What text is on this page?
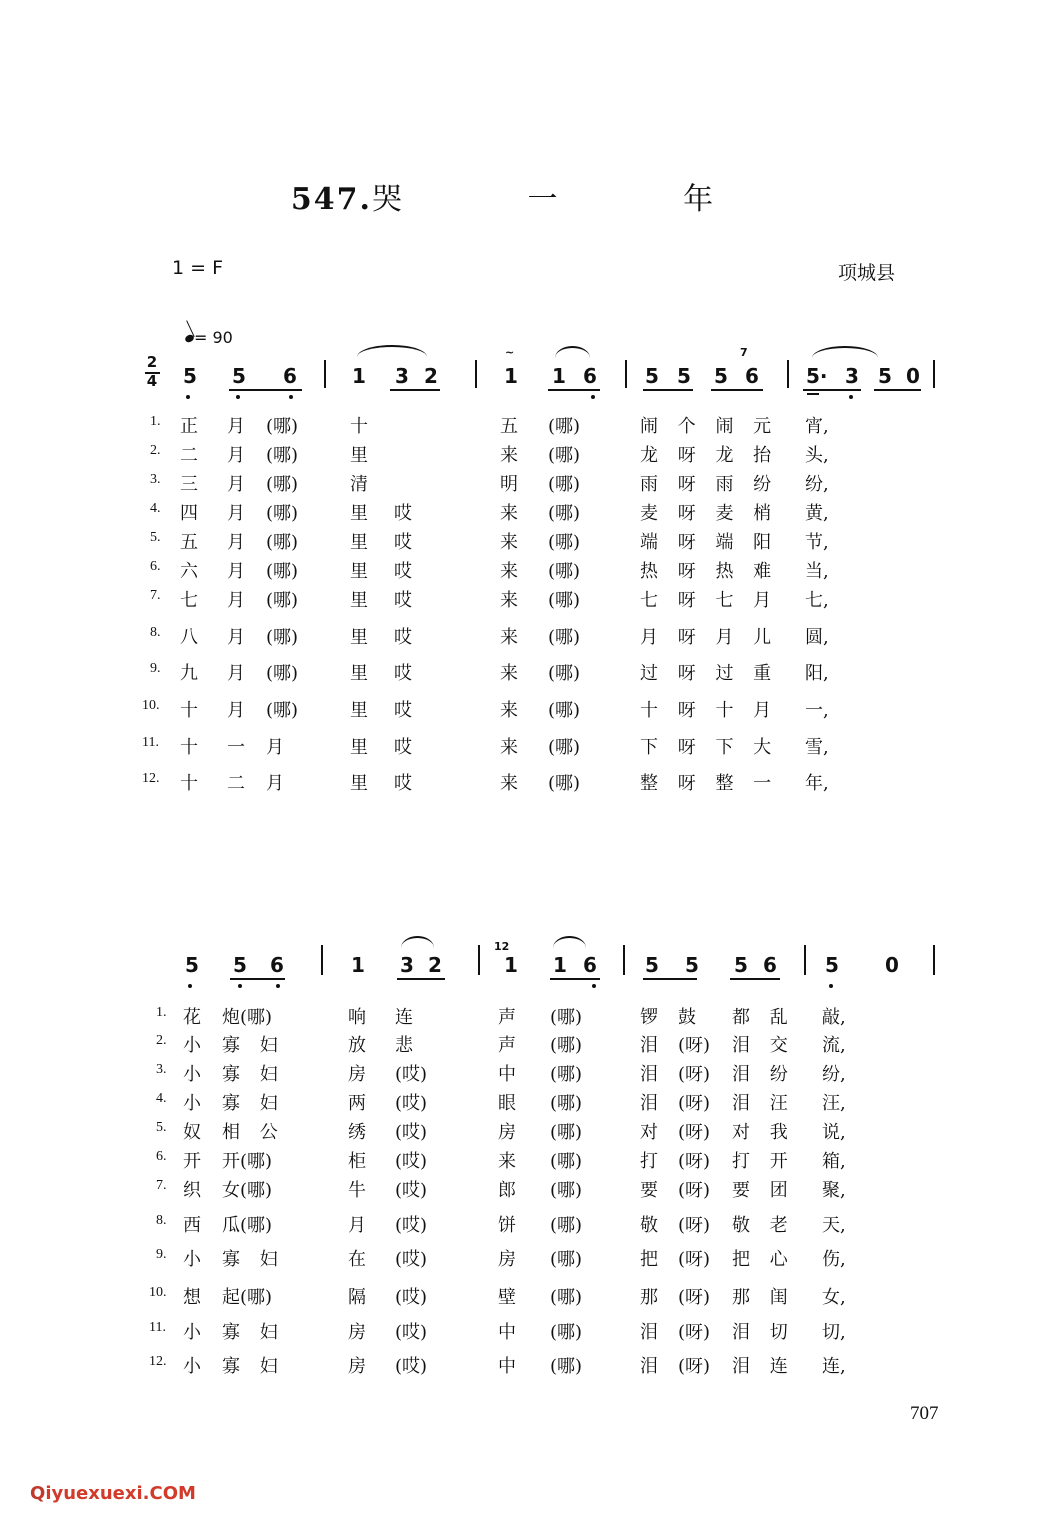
547.哭 一 年
1 = F	项城县
= 90
2
4 5 5 6	1 3 2	1 1 6 5 5 5 6 5· 3 5 0
~	7
5 5 6	1 3 2	1 1 6 5 5 5 6 5 0
12
1. 正 月 (哪)	十	五 (哪)	闹 个 闹 元 宵,
2. 二 月 (哪)	里	来 (哪)	龙 呀 龙 抬 头,
3. 三 月 (哪)	清	明 (哪)	雨 呀 雨 纷 纷,
4. 四 月 (哪)	里 哎	来 (哪)	麦 呀 麦 梢 黄,
5. 五 月 (哪)	里 哎	来 (哪)	端 呀 端 阳 节,
6. 六 月 (哪)	里 哎	来 (哪)	热 呀 热 难 当,
7. 七 月 (哪)	里 哎	来 (哪)	七 呀 七 月 七,
8. 八 月 (哪)	里 哎	来 (哪)	月 呀 月 儿 圆,
9. 九 月 (哪)	里 哎	来 (哪)	过 呀 过 重 阳,
10. 十 月 (哪)	里 哎	来 (哪)	十 呀 十 月 一,
11. 十 一 月	里 哎	来 (哪)	下 呀 下 大 雪,
12. 十 二 月	里 哎	来 (哪)	整 呀 整 一 年,
1. 花 炮(哪)	响 连	声 (哪)	锣 鼓 都 乱 敲,
2. 小 寡 妇	放 悲	声 (哪)	泪 (呀) 泪 交 流,
3. 小 寡 妇	房 (哎)	中 (哪)	泪 (呀) 泪 纷 纷,
4. 小 寡 妇	两 (哎)	眼 (哪)	泪 (呀) 泪 汪 汪,
5. 奴 相 公	绣 (哎)	房 (哪)	对 (呀) 对 我 说,
6. 开 开(哪)	柜 (哎)	来 (哪)	打 (呀) 打 开 箱,
7. 织 女(哪)	牛 (哎)	郎 (哪)	要 (呀) 要 团 聚,
8. 西 瓜(哪)	月 (哎)	饼 (哪)	敬 (呀) 敬 老 天,
9. 小 寡 妇	在 (哎)	房 (哪)	把 (呀) 把 心 伤,
10. 想 起(哪)	隔 (哎)	壁 (哪)	那 (呀) 那 闺 女,
11. 小 寡 妇	房 (哎)	中 (哪)	泪 (呀) 泪 切 切,
12. 小 寡 妇	房 (哎)	中 (哪)	泪 (呀) 泪 连 连,
707
Qiyuexuexi.COM
